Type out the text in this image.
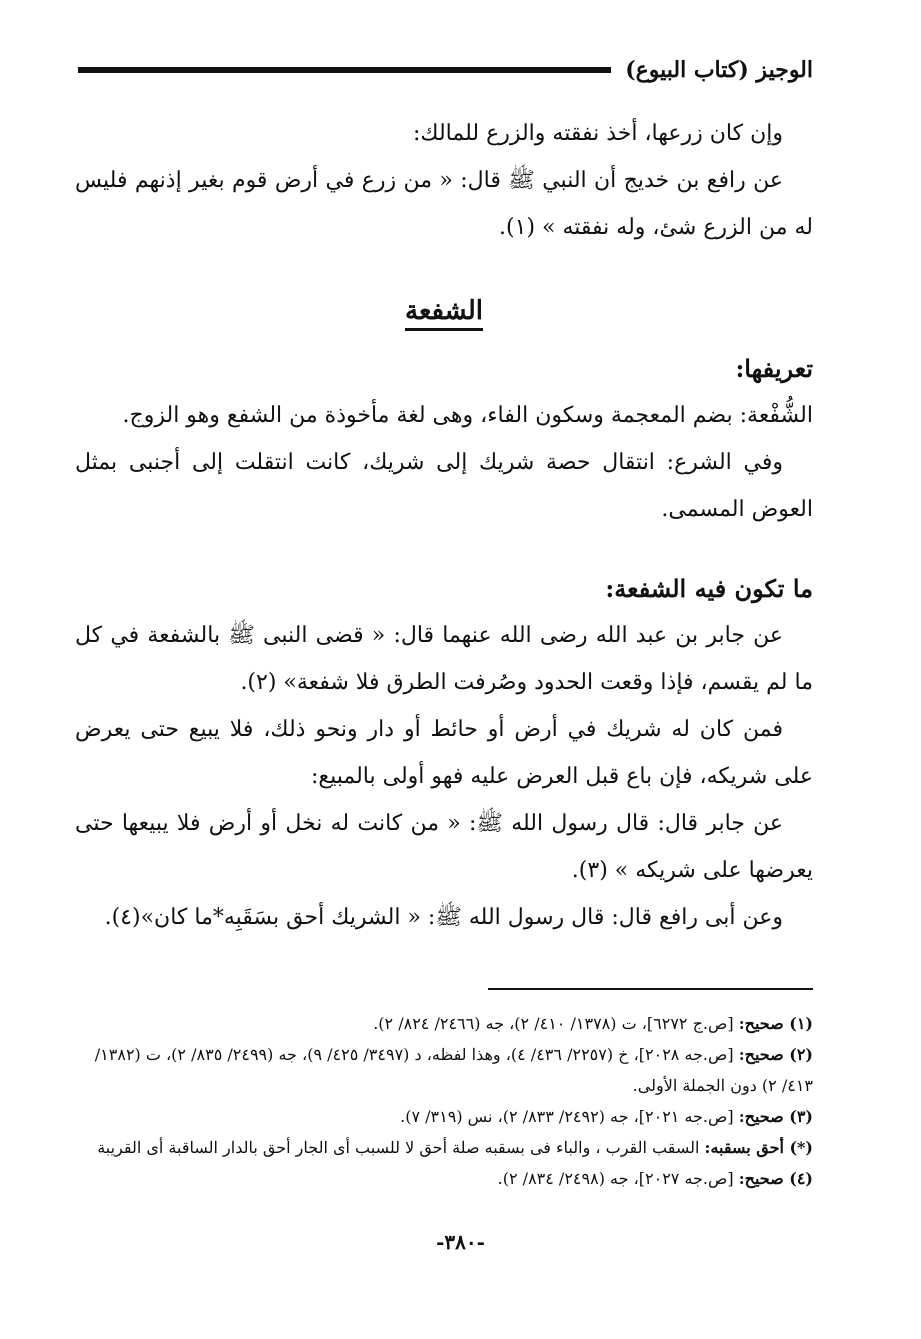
الوجيز (كتاب البيوع)

وإن كان زرعها، أخذ نفقته والزرع للمالك:

عن رافع بن خديج أن النبي ﷺ قال: « من زرع في أرض قوم بغير إذنهم فليس له من الزرع شئ، وله نفقته » (١).

الشفعة

تعريفها:

الشُّفْعة: بضم المعجمة وسكون الفاء، وهى لغة مأخوذة من الشفع وهو الزوج.

وفي الشرع: انتقال حصة شريك إلى شريك، كانت انتقلت إلى أجنبى بمثل العوض المسمى.

ما تكون فيه الشفعة:

عن جابر بن عبد الله رضى الله عنهما قال: « قضى النبى ﷺ بالشفعة في كل ما لم يقسم، فإذا وقعت الحدود وصُرفت الطرق فلا شفعة» (٢).

فمن كان له شريك في أرض أو حائط أو دار ونحو ذلك، فلا يبيع حتى يعرض على شريكه، فإن باع قبل العرض عليه فهو أولى بالمبيع:

عن جابر قال: قال رسول الله ﷺ: « من كانت له نخل أو أرض فلا يبيعها حتى يعرضها على شريكه » (٣).

وعن أبى رافع قال: قال رسول الله ﷺ: « الشريك أحق بسَقَبِه*ما كان»(٤).

(١) صحيح: [ص.ج ٦٢٧٢]، ت (١٣٧٨/ ٤١٠/ ٢)، جه (٢٤٦٦/ ٨٢٤/ ٢).

(٢) صحيح: [ص.جه ٢٠٢٨]، خ (٢٢٥٧/ ٤٣٦/ ٤)، وهذا لفظه، د (٣٤٩٧/ ٤٢٥/ ٩)، جه (٢٤٩٩/ ٨٣٥/ ٢)، ت (١٣٨٢/ ٤١٣/ ٢) دون الجملة الأولى.

(٣) صحيح: [ص.جه ٢٠٢١]، جه (٢٤٩٢/ ٨٣٣/ ٢)، نس (٣١٩/ ٧).

(*) أحق بسقبه: السقب القرب ، والباء فى بسقبه صلة أحق لا للسبب أى الجار أحق بالدار الساقبة أى القريبة

(٤) صحيح: [ص.جه ٢٠٢٧]، جه (٢٤٩٨/ ٨٣٤/ ٢).

-٣٨٠-
